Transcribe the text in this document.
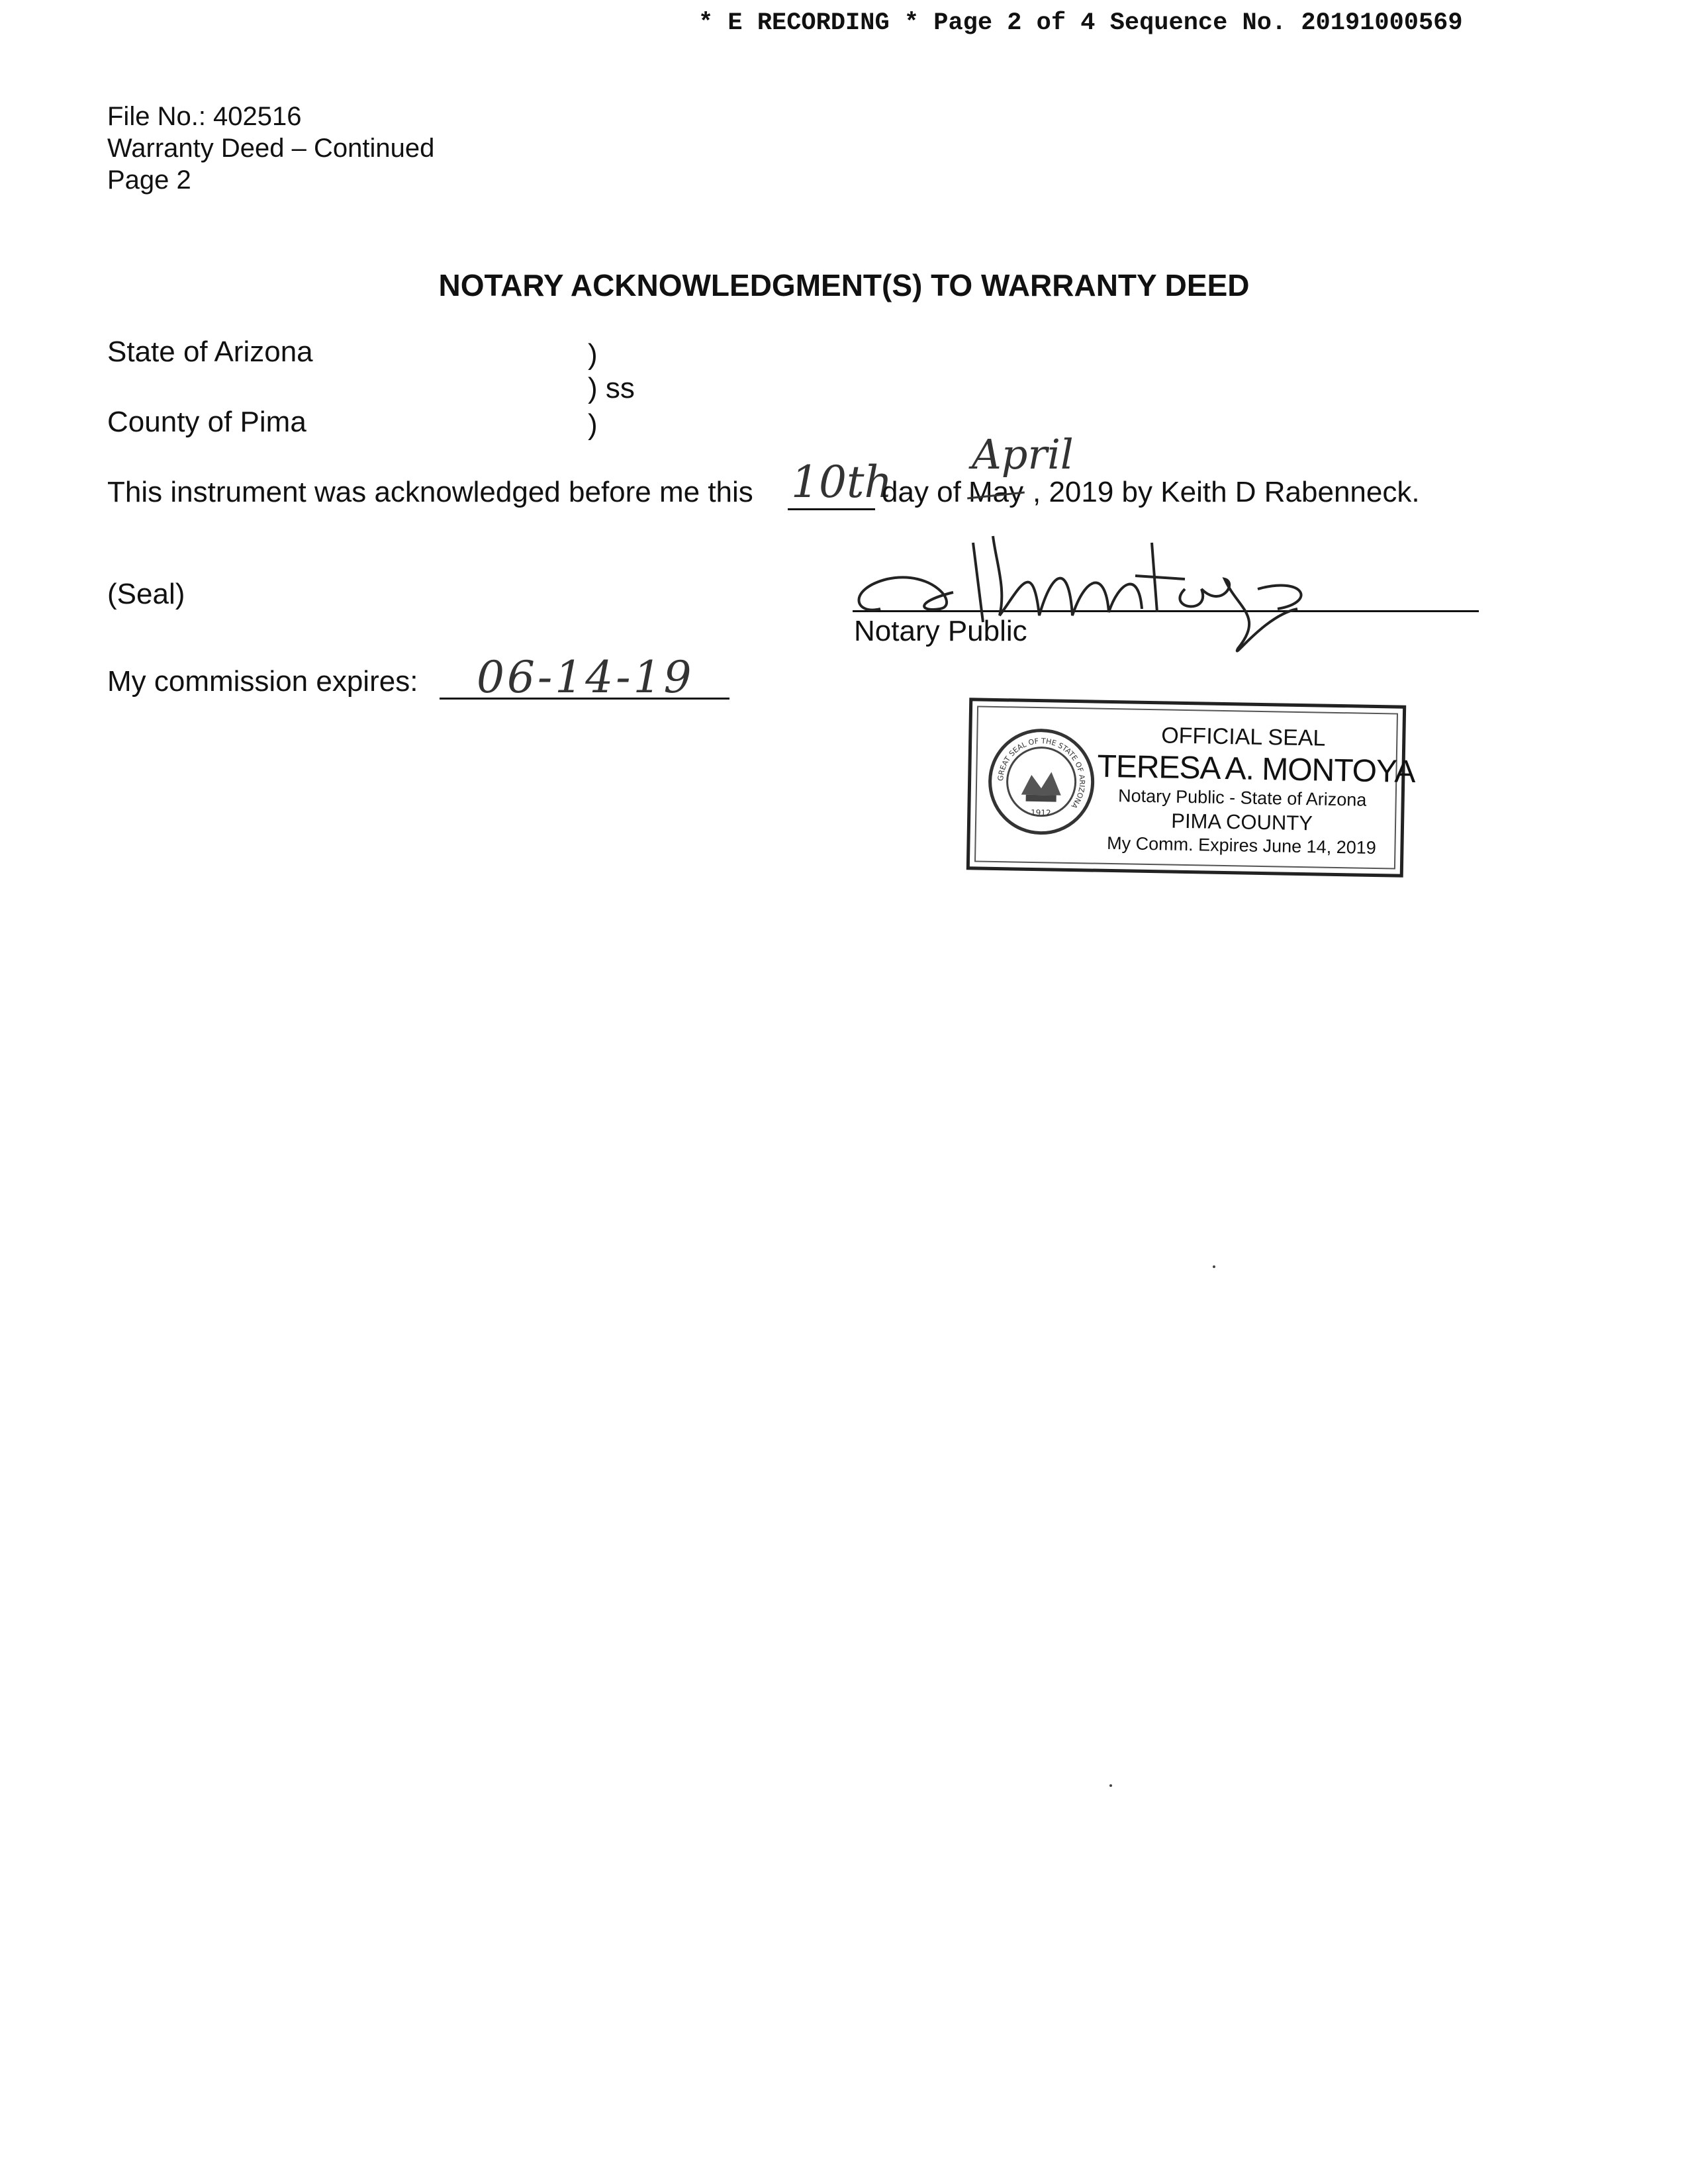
* E RECORDING * Page 2 of 4 Sequence No. 20191000569
File No.: 402516
Warranty Deed – Continued
Page 2
NOTARY ACKNOWLEDGMENT(S) TO WARRANTY DEED
State of Arizona	)
) ss
County of Pima	)
This instrument was acknowledged before me this 10th
day of May
April
, 2019 by Keith D Rabenneck.
(Seal)
Notary Public
My commission expires: 06-14-19
GREAT SEAL OF THE STATE OF ARIZONA
1912
OFFICIAL SEAL
TERESA A. MONTOYA
Notary Public - State of Arizona
PIMA COUNTY
My Comm. Expires June 14, 2019
